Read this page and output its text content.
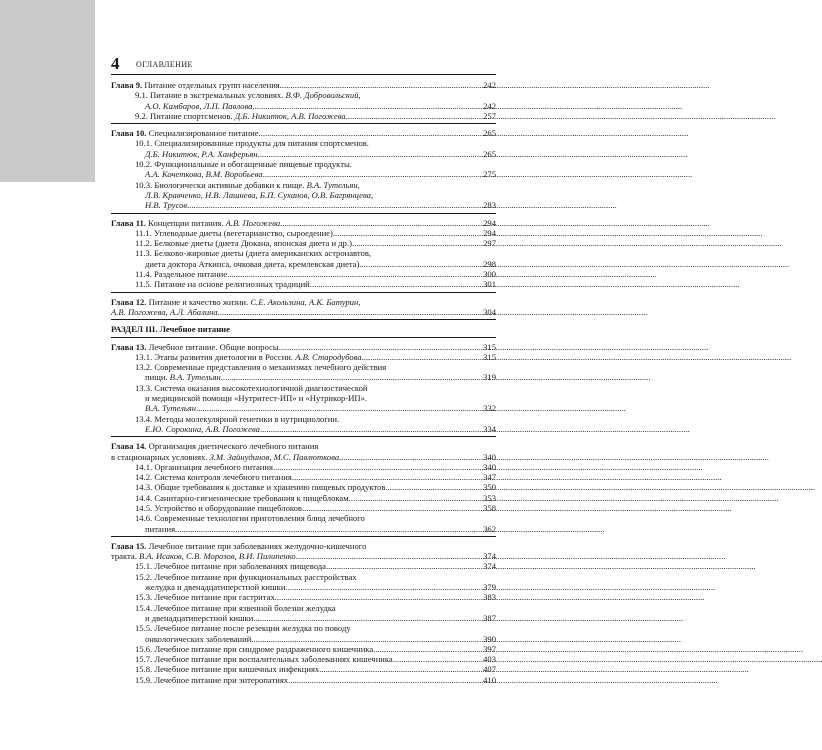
4 ОГЛАВЛЕНИЕ
Глава 9. Питание отдельных групп населения .....	242
9.1. Питание в экстремальных условиях. В.Ф. Добровольский,
А.О. Камбаров, Л.П. Павлова .....	242
9.2. Питание спортсменов. Д.Б. Никитюк, А.В. Погожева .....	257
Глава 10. Специализированное питание .....	265
10.1. Специализированные продукты для питания спортсменов.
Д.Б. Никитюк, Р.А. Ханферьян .....	265
10.2. Функциональные и обогащенные пищевые продукты.
А.А. Кочеткова, В.М. Воробьева .....	275
10.3. Биологически активные добавки к пище. В.А. Тутельян,
Л.В. Кравченко, Н.В. Лашнева, Б.П. Суханов, О.В. Багрянцева,
Н.В. Трусов .....	283
Глава 11. Концепции питания. А.В. Погожева .....	294
11.1. Углеводные диеты (вегетарианство, сыроедение) .....	294
11.2. Белковые диеты (диета Дюкана, японская диета и др.) .....	297
11.3. Белково-жировые диеты (диета американских астронавтов,
диета доктора Аткинса, очковая диета, кремлевская диета) .....	298
11.4. Раздельное питание .....	300
11.5. Питание на основе религиозных традиций .....	301
Глава 12. Питание и качество жизни. С.Е. Акользина, А.К. Батурин,
А.В. Погожева, А.Л. Абалина .....	304
РАЗДЕЛ III. Лечебное питание
Глава 13. Лечебное питание. Общие вопросы .....	315
13.1. Этапы развития диетологии в России. А.В. Стародубова .....	315
13.2. Современные представления о механизмах лечебного действия
пищи. В.А. Тутельян .....	319
13.3. Система оказания высокотехнологичной диагностической
и медицинской помощи «Нутритест-ИП» и «Нутрикор-ИП».
В.А. Тутельян .....	332
13.4. Методы молекулярной генетики в нутрициологии.
Е.Ю. Сорокина, А.В. Погожева .....	334
Глава 14. Организация диетического лечебного питания
в стационарных условиях. З.М. Зайнудинов, М.С. Павлюткова .....	340
14.1. Организация лечебного питания .....	340
14.2. Система контроля лечебного питания .....	347
14.3. Общие требования к доставке и хранению пищевых продуктов .....	350
14.4. Санитарно-гигиенические требования к пищеблокам .....	353
14.5. Устройство и оборудование пищеблоков .....	358
14.6. Современные технологии приготовления блюд лечебного
питания .....	362
Глава 15. Лечебное питание при заболеваниях желудочно-кишечного
тракта. В.А. Исаков, С.В. Морозов, В.И. Пилипенко .....	374
15.1. Лечебное питание при заболеваниях пищевода .....	374
15.2. Лечебное питание при функциональных расстройствах
желудка и двенадцатиперстной кишки .....	379
15.3. Лечебное питание при гастритах .....	383
15.4. Лечебное питание при язвенной болезни желудка
и двенадцатиперстной кишки .....	387
15.5. Лечебное питание после резекции желудка по поводу
онкологических заболеваний .....	390
15.6. Лечебное питание при синдроме раздраженного кишечника .....	397
15.7. Лечебное питание при воспалительных заболеваниях кишечника .....	403
15.8. Лечебное питание при кишечных инфекциях .....	407
15.9. Лечебное питание при энтеропатиях .....	410
